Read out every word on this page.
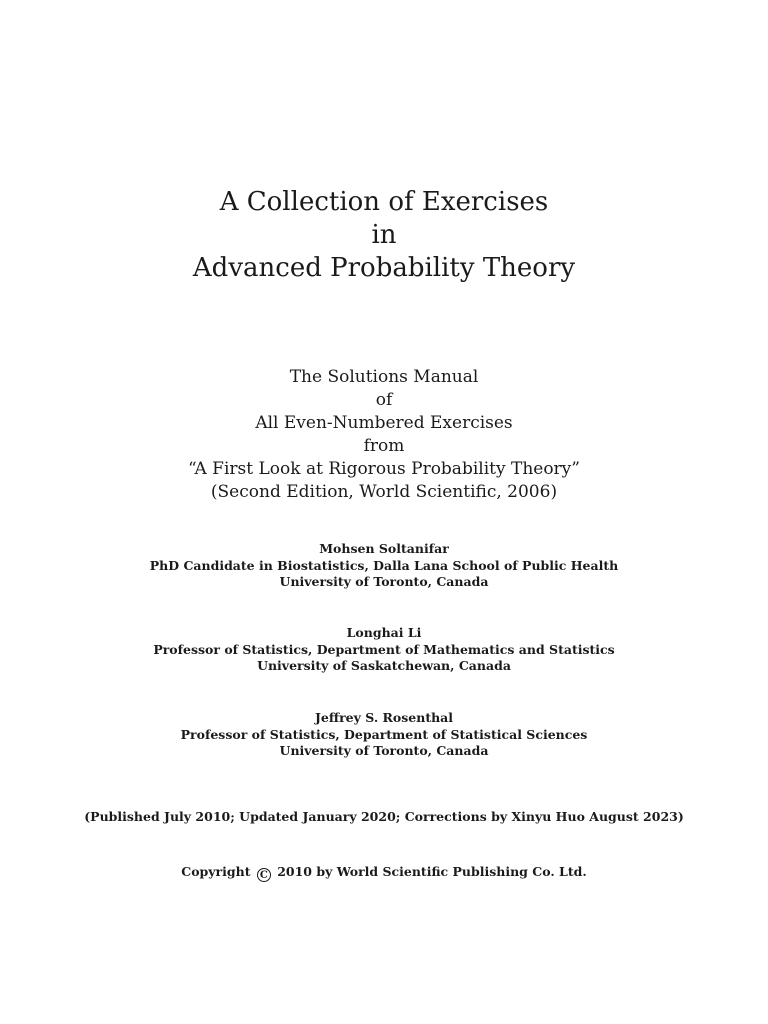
A Collection of Exercises

in

Advanced Probability Theory

The Solutions Manual

of

All Even-Numbered Exercises

from

“A First Look at Rigorous Probability Theory”

(Second Edition, World Scientific, 2006)

Mohsen Soltanifar

PhD Candidate in Biostatistics, Dalla Lana School of Public Health

University of Toronto, Canada

Longhai Li

Professor of Statistics, Department of Mathematics and Statistics

University of Saskatchewan, Canada

Jeffrey S. Rosenthal

Professor of Statistics, Department of Statistical Sciences

University of Toronto, Canada

(Published July 2010; Updated January 2020; Corrections by Xinyu Huo August 2023)

Copyright C 2010 by World Scientific Publishing Co. Ltd.
